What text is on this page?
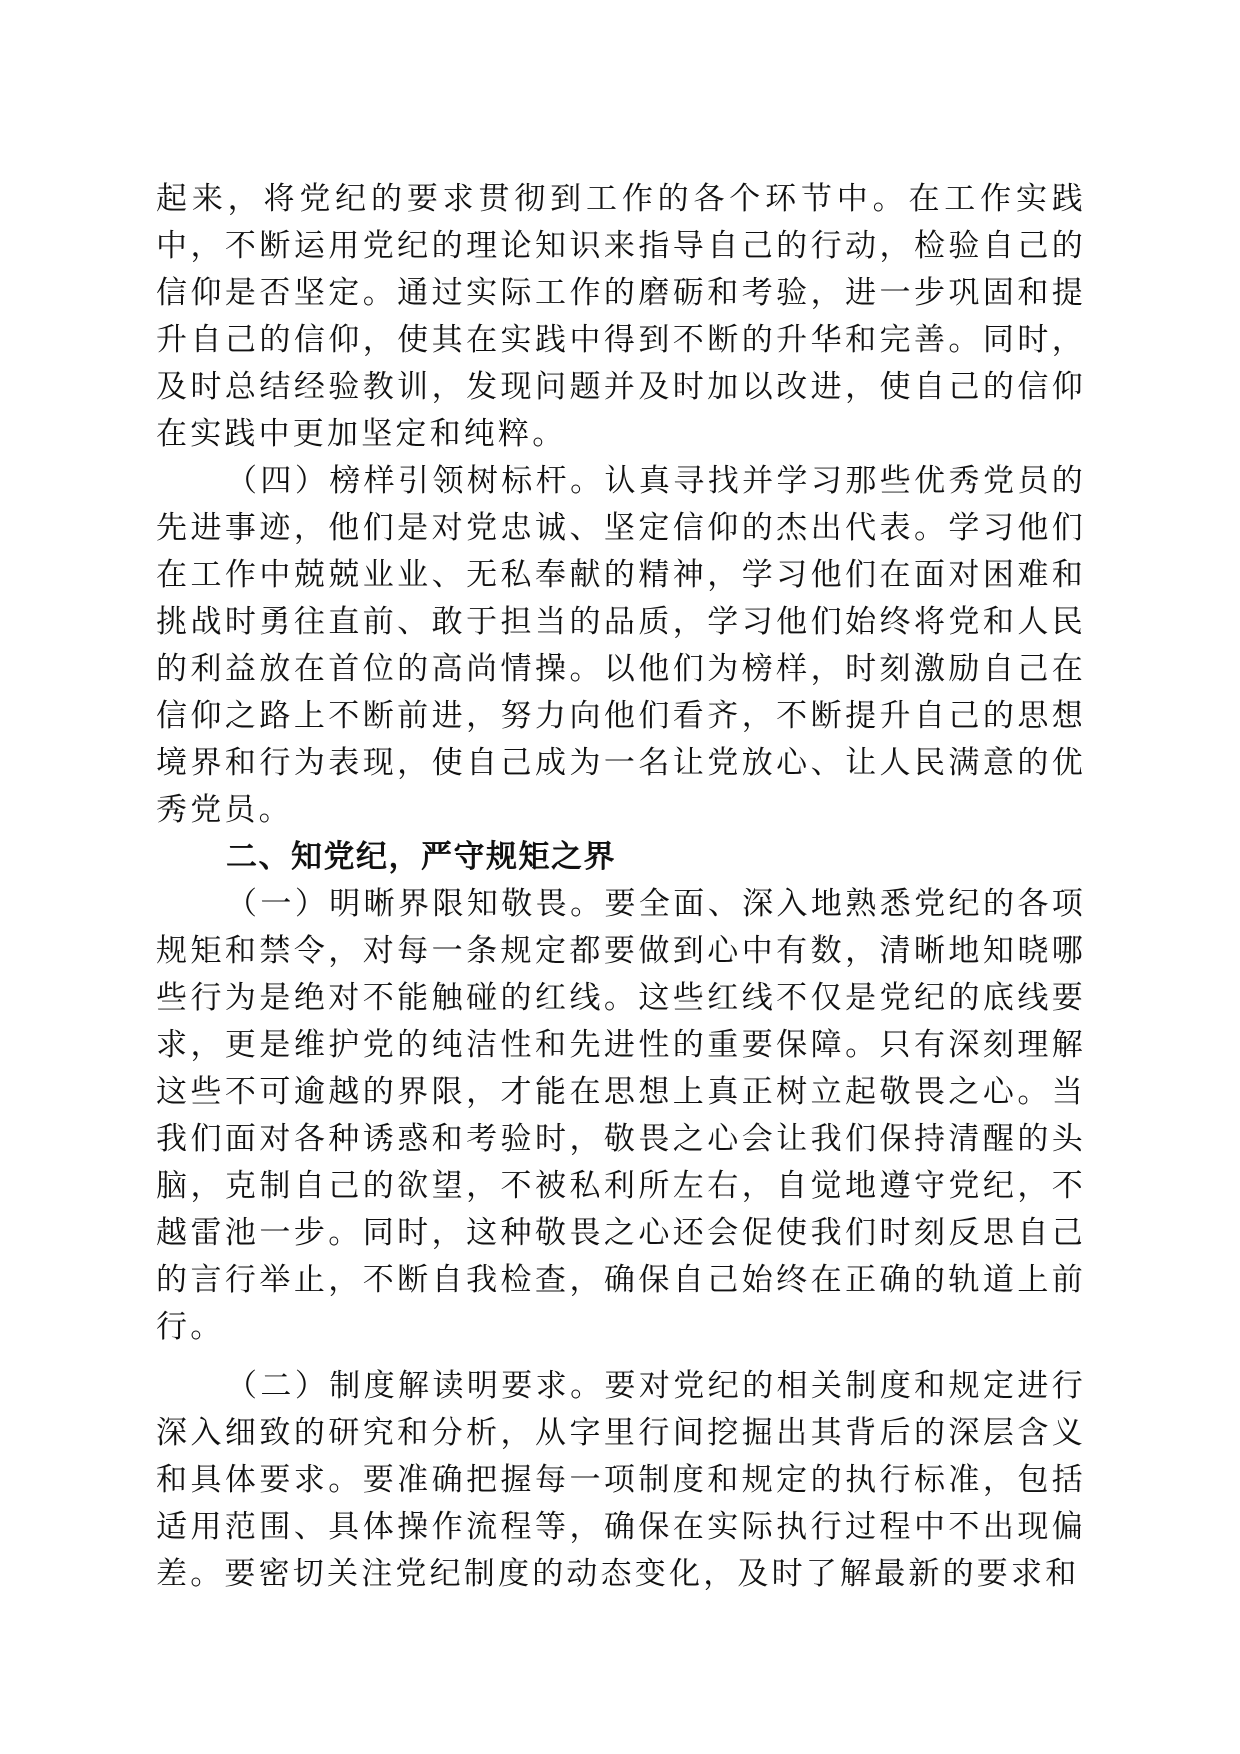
起来，将党纪的要求贯彻到工作的各个环节中。在工作实践中，不断运用党纪的理论知识来指导自己的行动，检验自己的信仰是否坚定。通过实际工作的磨砺和考验，进一步巩固和提升自己的信仰，使其在实践中得到不断的升华和完善。同时，及时总结经验教训，发现问题并及时加以改进，使自己的信仰在实践中更加坚定和纯粹。

（四）榜样引领树标杆。认真寻找并学习那些优秀党员的先进事迹，他们是对党忠诚、坚定信仰的杰出代表。学习他们在工作中兢兢业业、无私奉献的精神，学习他们在面对困难和挑战时勇往直前、敢于担当的品质，学习他们始终将党和人民的利益放在首位的高尚情操。以他们为榜样，时刻激励自己在信仰之路上不断前进，努力向他们看齐，不断提升自己的思想境界和行为表现，使自己成为一名让党放心、让人民满意的优秀党员。

二、知党纪，严守规矩之界

（一）明晰界限知敬畏。要全面、深入地熟悉党纪的各项规矩和禁令，对每一条规定都要做到心中有数，清晰地知晓哪些行为是绝对不能触碰的红线。这些红线不仅是党纪的底线要求，更是维护党的纯洁性和先进性的重要保障。只有深刻理解这些不可逾越的界限，才能在思想上真正树立起敬畏之心。当我们面对各种诱惑和考验时，敬畏之心会让我们保持清醒的头脑，克制自己的欲望，不被私利所左右，自觉地遵守党纪，不越雷池一步。同时，这种敬畏之心还会促使我们时刻反思自己的言行举止，不断自我检查，确保自己始终在正确的轨道上前行。

（二）制度解读明要求。要对党纪的相关制度和规定进行深入细致的研究和分析，从字里行间挖掘出其背后的深层含义和具体要求。要准确把握每一项制度和规定的执行标准，包括适用范围、具体操作流程等，确保在实际执行过程中不出现偏差。要密切关注党纪制度的动态变化，及时了解最新的要求和
